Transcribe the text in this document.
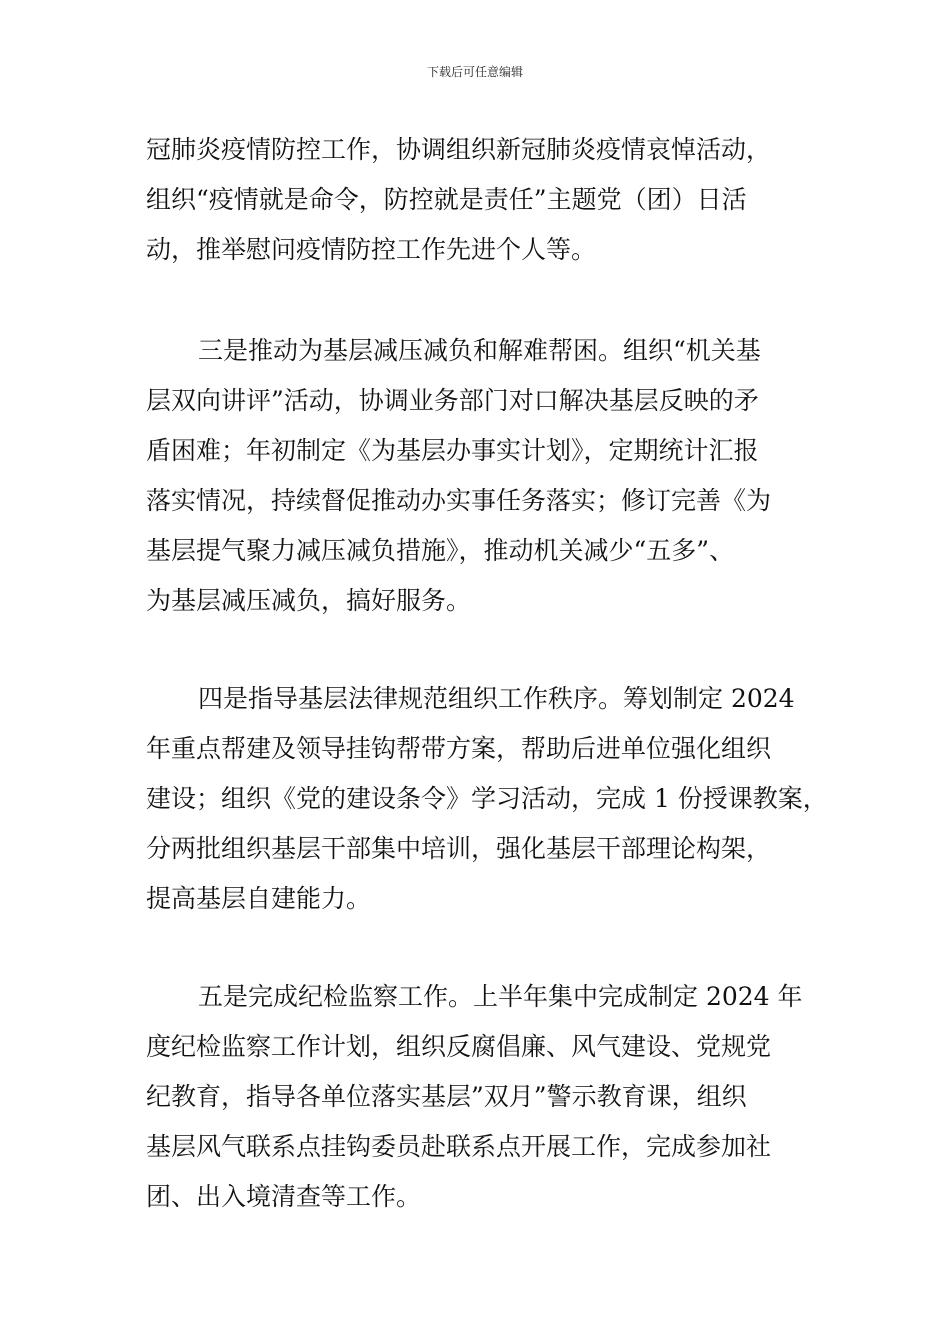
下载后可任意编辑
冠肺炎疫情防控工作，协调组织新冠肺炎疫情哀悼活动，
组织“疫情就是命令，防控就是责任”主题党（团）日活
动，推举慰问疫情防控工作先进个人等。
三是推动为基层减压减负和解难帮困。组织“机关基
层双向讲评”活动，协调业务部门对口解决基层反映的矛
盾困难；年初制定《为基层办事实计划》，定期统计汇报
落实情况，持续督促推动办实事任务落实；修订完善《为
基层提气聚力减压减负措施》，推动机关减少“五多”、
为基层减压减负，搞好服务。
四是指导基层法律规范组织工作秩序。筹划制定 2024
年重点帮建及领导挂钩帮带方案，帮助后进单位强化组织
建设；组织《党的建设条令》学习活动，完成 1 份授课教案，
分两批组织基层干部集中培训，强化基层干部理论构架，
提高基层自建能力。
五是完成纪检监察工作。上半年集中完成制定 2024 年
度纪检监察工作计划，组织反腐倡廉、风气建设、党规党
纪教育，指导各单位落实基层”双月”警示教育课，组织
基层风气联系点挂钩委员赴联系点开展工作，完成参加社
团、出入境清查等工作。
